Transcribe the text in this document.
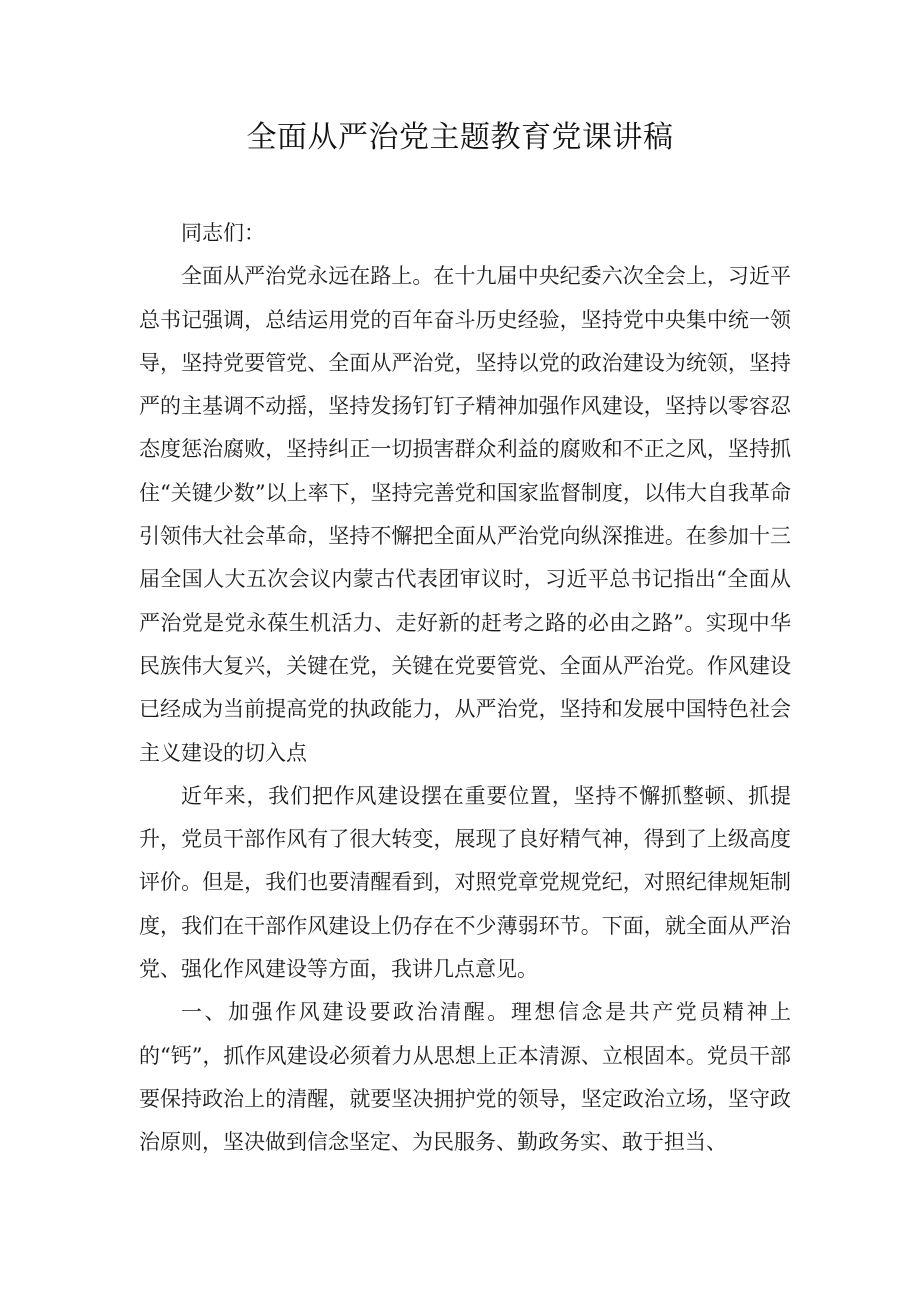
全面从严治党主题教育党课讲稿

同志们：

全面从严治党永远在路上。在十九届中央纪委六次全会上，习近平总书记强调，总结运用党的百年奋斗历史经验，坚持党中央集中统一领导，坚持党要管党、全面从严治党，坚持以党的政治建设为统领，坚持严的主基调不动摇，坚持发扬钉钉子精神加强作风建设，坚持以零容忍态度惩治腐败，坚持纠正一切损害群众利益的腐败和不正之风，坚持抓住“关键少数”以上率下，坚持完善党和国家监督制度，以伟大自我革命引领伟大社会革命，坚持不懈把全面从严治党向纵深推进。在参加十三届全国人大五次会议内蒙古代表团审议时，习近平总书记指出“全面从严治党是党永葆生机活力、走好新的赶考之路的必由之路”。实现中华民族伟大复兴，关键在党，关键在党要管党、全面从严治党。作风建设已经成为当前提高党的执政能力，从严治党，坚持和发展中国特色社会主义建设的切入点

近年来，我们把作风建设摆在重要位置，坚持不懈抓整顿、抓提升，党员干部作风有了很大转变，展现了良好精气神，得到了上级高度评价。但是，我们也要清醒看到，对照党章党规党纪，对照纪律规矩制度，我们在干部作风建设上仍存在不少薄弱环节。下面，就全面从严治党、强化作风建设等方面，我讲几点意见。

一、加强作风建设要政治清醒。理想信念是共产党员精神上的“钙”，抓作风建设必须着力从思想上正本清源、立根固本。党员干部要保持政治上的清醒，就要坚决拥护党的领导，坚定政治立场，坚守政治原则，坚决做到信念坚定、为民服务、勤政务实、敢于担当、
